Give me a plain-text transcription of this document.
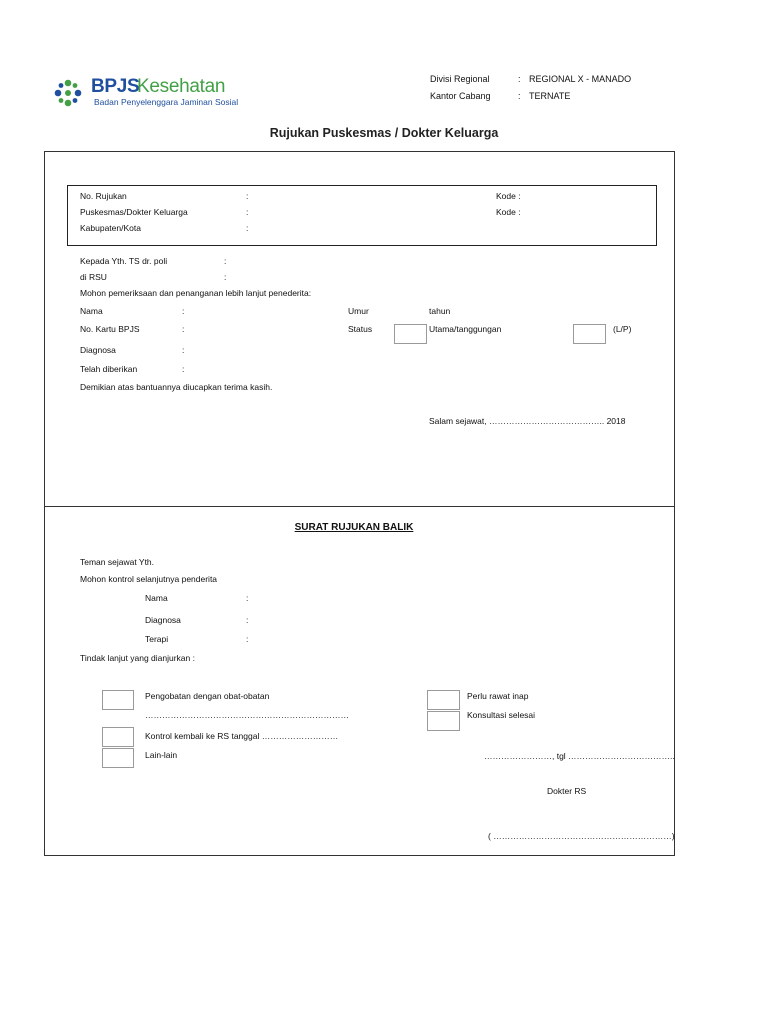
BPJS
Kesehatan
Badan Penyelenggara Jaminan Sosial
Divisi Regional	: REGIONAL X - MANADO
Kantor Cabang	: TERNATE
Rujukan Puskesmas / Dokter Keluarga
No. Rujukan	:	Kode :
Puskesmas/Dokter Keluarga	:	Kode :
Kabupaten/Kota	:
Kepada Yth. TS dr. poli	:
di RSU	:
Mohon pemeriksaan dan penanganan lebih lanjut penederita:
Nama	:	Umur	tahun
No. Kartu BPJS	:	Status	Utama/tanggungan	(L/P)
Diagnosa	:
Telah diberikan	:
Demikian atas bantuannya diucapkan terima kasih.
Salam sejawat, ………………………………….. 2018
SURAT RUJUKAN BALIK
Teman sejawat Yth.
Mohon kontrol selanjutnya penderita
Nama	:
Diagnosa	:
Terapi	:
Tindak lanjut yang dianjurkan :
Pengobatan dengan obat-obatan
………………………………………………………………
Kontrol kembali ke RS tanggal ………………………
Lain-lain
Perlu rawat inap
Konsultasi selesai
……………………, tgl ………………………………..
Dokter RS
( ………………………………………………………)
